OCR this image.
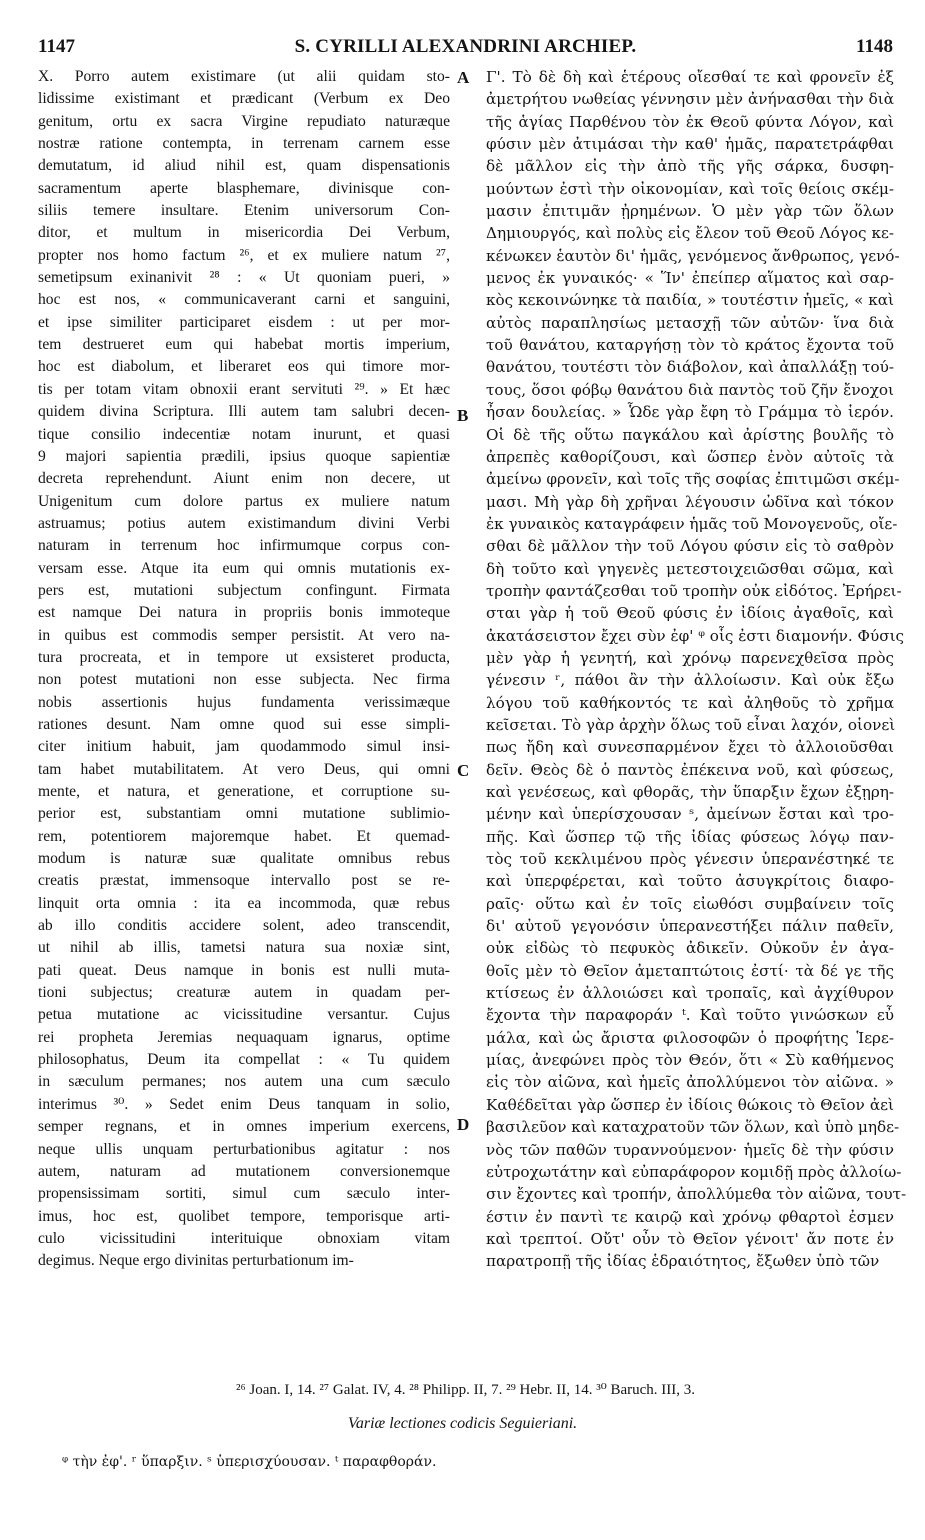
1147	S. CYRILLI ALEXANDRINI ARCHIEP.	1148
X. Porro autem existimare (ut alii quidam sto-
lidissime existimant et prædicant (Verbum ex Deo
genitum, ortu ex sacra Virgine repudiato naturæque
nostræ ratione contempta, in terrenam carnem esse
demutatum, id aliud nihil est, quam dispensationis
sacramentum aperte blasphemare, divinisque con-
siliis temere insultare. Etenim universorum Con-
ditor, et multum in misericordia Dei Verbum,
propter nos homo factum ²⁶, et ex muliere natum ²⁷,
semetipsum exinanivit ²⁸ : « Ut quoniam pueri, »
hoc est nos, « communicaverant carni et sanguini,
et ipse similiter participaret eisdem : ut per mor-
tem destrueret eum qui habebat mortis imperium,
hoc est diabolum, et liberaret eos qui timore mor-
tis per totam vitam obnoxii erant servituti ²⁹. » Et hæc
quidem divina Scriptura. Illi autem tam salubri decen-
tique consilio indecentiæ notam inurunt, et quasi
9 majori sapientia prædili, ipsius quoque sapientiæ
decreta reprehendunt. Aiunt enim non decere, ut
Unigenitum cum dolore partus ex muliere natum
astruamus; potius autem existimandum divini Verbi
naturam in terrenum hoc infirmumque corpus con-
versam esse. Atque ita eum qui omnis mutationis ex-
pers est, mutationi subjectum confingunt. Firmata
est namque Dei natura in propriis bonis immoteque
in quibus est commodis semper persistit. At vero na-
tura procreata, et in tempore ut exsisteret producta,
non potest mutationi non esse subjecta. Nec firma
nobis assertionis hujus fundamenta verissimæque
rationes desunt. Nam omne quod sui esse simpli-
citer initium habuit, jam quodammodo simul insi-
tam habet mutabilitatem. At vero Deus, qui omni
mente, et natura, et generatione, et corruptione su-
perior est, substantiam omni mutatione sublimio-
rem, potentiorem majoremque habet. Et quemad-
modum is naturæ suæ qualitate omnibus rebus
creatis præstat, immensoque intervallo post se re-
linquit orta omnia : ita ea incommoda, quæ rebus
ab illo conditis accidere solent, adeo transcendit,
ut nihil ab illis, tametsi natura sua noxiæ sint,
pati queat. Deus namque in bonis est nulli muta-
tioni subjectus; creaturæ autem in quadam per-
petua mutatione ac vicissitudine versantur. Cujus
rei propheta Jeremias nequaquam ignarus, optime
philosophatus, Deum ita compellat : « Tu quidem
in sæculum permanes; nos autem una cum sæculo
interimus ³⁰. » Sedet enim Deus tanquam in solio,
semper regnans, et in omnes imperium exercens,
neque ullis unquam perturbationibus agitatur : nos
autem, naturam ad mutationem conversionemque
propensissimam sortiti, simul cum sæculo inter-
imus, hoc est, quolibet tempore, temporisque arti-
culo vicissitudini interituique obnoxiam vitam
degimus. Neque ergo divinitas perturbationum im-
Γ'. Τὸ δὲ δὴ καὶ ἑτέρους οἴεσθαί τε καὶ φρονεῖν ἐξ
ἀμετρήτου νωθείας γέννησιν μὲν ἀνήνασθαι τὴν διὰ
τῆς ἁγίας Παρθένου τὸν ἐκ Θεοῦ φύντα Λόγον, καὶ
φύσιν μὲν ἀτιμάσαι τὴν καθ' ἡμᾶς, παρατετράφθαι
δὲ μᾶλλον εἰς τὴν ἀπὸ τῆς γῆς σάρκα, δυσφη-
μούντων ἐστὶ τὴν οἰκονομίαν, καὶ τοῖς θείοις σκέμ-
μασιν ἐπιτιμᾶν ᾐρημένων. Ὁ μὲν γὰρ τῶν ὅλων
Δημιουργός, καὶ πολὺς εἰς ἔλεον τοῦ Θεοῦ Λόγος κε-
κένωκεν ἑαυτὸν δι' ἡμᾶς, γενόμενος ἄνθρωπος, γενό-
μενος ἐκ γυναικός· « Ἵν' ἐπείπερ αἵματος καὶ σαρ-
κὸς κεκοινώνηκε τὰ παιδία, » τουτέστιν ἡμεῖς, « καὶ
αὐτὸς παραπλησίως μετασχῇ τῶν αὐτῶν· ἵνα διὰ
τοῦ θανάτου, καταργήσῃ τὸν τὸ κράτος ἔχοντα τοῦ
θανάτου, τουτέστι τὸν διάβολον, καὶ ἀπαλλάξῃ τού-
τους, ὅσοι φόβῳ θανάτου διὰ παντὸς τοῦ ζῆν ἔνοχοι
ἦσαν δουλείας. » Ὧδε γὰρ ἔφη τὸ Γράμμα τὸ ἱερόν.
Οἱ δὲ τῆς οὕτω παγκάλου καὶ ἀρίστης βουλῆς τὸ
ἀπρεπὲς καθορίζουσι, καὶ ὥσπερ ἐνὸν αὐτοῖς τὰ
ἀμείνω φρονεῖν, καὶ τοῖς τῆς σοφίας ἐπιτιμῶσι σκέμ-
μασι. Μὴ γὰρ δὴ χρῆναι λέγουσιν ὠδῖνα καὶ τόκον
ἐκ γυναικὸς καταγράφειν ἡμᾶς τοῦ Μονογενοῦς, οἴε-
σθαι δὲ μᾶλλον τὴν τοῦ Λόγου φύσιν εἰς τὸ σαθρὸν
δὴ τοῦτο καὶ γηγενὲς μετεστοιχειῶσθαι σῶμα, καὶ
τροπὴν φαντάζεσθαι τοῦ τροπὴν οὐκ εἰδότος. Ἐρήρει-
σται γὰρ ἡ τοῦ Θεοῦ φύσις ἐν ἰδίοις ἀγαθοῖς, καὶ
ἀκατάσειστον ἔχει σὺν ἐφ' ᵠ οἷς ἐστι διαμονήν. Φύσις
μὲν γὰρ ἡ γενητή, καὶ χρόνῳ παρενεχθεῖσα πρὸς
γένεσιν ʳ, πάθοι ἂν τὴν ἀλλοίωσιν. Καὶ οὐκ ἔξω
λόγου τοῦ καθήκοντός τε καὶ ἀληθοῦς τὸ χρῆμα
κεῖσεται. Τὸ γὰρ ἀρχὴν ὅλως τοῦ εἶναι λαχόν, οἱονεὶ
πως ἤδη καὶ συνεσπαρμένον ἔχει τὸ ἀλλοιοῦσθαι
δεῖν. Θεὸς δὲ ὁ παντὸς ἐπέκεινα νοῦ, καὶ φύσεως,
καὶ γενέσεως, καὶ φθορᾶς, τὴν ὕπαρξιν ἔχων ἐξῃρη-
μένην καὶ ὑπερίσχουσαν ˢ, ἀμείνων ἔσται καὶ τρο-
πῆς. Καὶ ὥσπερ τῷ τῆς ἰδίας φύσεως λόγῳ παν-
τὸς τοῦ κεκλιμένου πρὸς γένεσιν ὑπερανέστηκέ τε
καὶ ὑπερφέρεται, καὶ τοῦτο ἀσυγκρίτοις διαφο-
ραῖς· οὕτω καὶ ἐν τοῖς εἰωθόσι συμβαίνειν τοῖς
δι' αὐτοῦ γεγονόσιν ὑπερανεστήξει πάλιν παθεῖν,
οὐκ εἰδὼς τὸ πεφυκὸς ἀδικεῖν. Οὐκοῦν ἐν ἀγα-
θοῖς μὲν τὸ Θεῖον ἀμεταπτώτοις ἐστί· τὰ δέ γε τῆς
κτίσεως ἐν ἀλλοιώσει καὶ τροπαῖς, καὶ ἀγχίθυρον
ἔχοντα τὴν παραφοράν ᵗ. Καὶ τοῦτο γινώσκων εὖ
μάλα, καὶ ὡς ἄριστα φιλοσοφῶν ὁ προφήτης Ἱερε-
μίας, ἀνεφώνει πρὸς τὸν Θεόν, ὅτι « Σὺ καθήμενος
εἰς τὸν αἰῶνα, καὶ ἡμεῖς ἀπολλύμενοι τὸν αἰῶνα. »
Καθέδεῖται γὰρ ὥσπερ ἐν ἰδίοις θώκοις τὸ Θεῖον ἀεὶ
βασιλεῦον καὶ καταχρατοῦν τῶν ὅλων, καὶ ὑπὸ μηδε-
νὸς τῶν παθῶν τυραννούμενον· ἡμεῖς δὲ τὴν φύσιν
εὐτροχωτάτην καὶ εὐπαράφορον κομιδῇ πρὸς ἀλλοίω-
σιν ἔχοντες καὶ τροπήν, ἀπολλύμεθα τὸν αἰῶνα, τουτ-
έστιν ἐν παντὶ τε καιρῷ καὶ χρόνῳ φθαρτοὶ ἐσμεν
καὶ τρεπτοί. Οὔτ' οὖν τὸ Θεῖον γένοιτ' ἄν ποτε ἐν
παρατροπῇ τῆς ἰδίας ἑδραιότητος, ἔξωθεν ὑπὸ τῶν
A
B
C
D
²⁶ Joan. I, 14. ²⁷ Galat. IV, 4. ²⁸ Philipp. II, 7. ²⁹ Hebr. II, 14. ³⁰ Baruch. III, 3.
Variæ lectiones codicis Seguieriani.
ᵠ τὴν ἐφ'. ʳ ὕπαρξιν. ˢ ὑπερισχύουσαν. ᵗ παραφθοράν.
